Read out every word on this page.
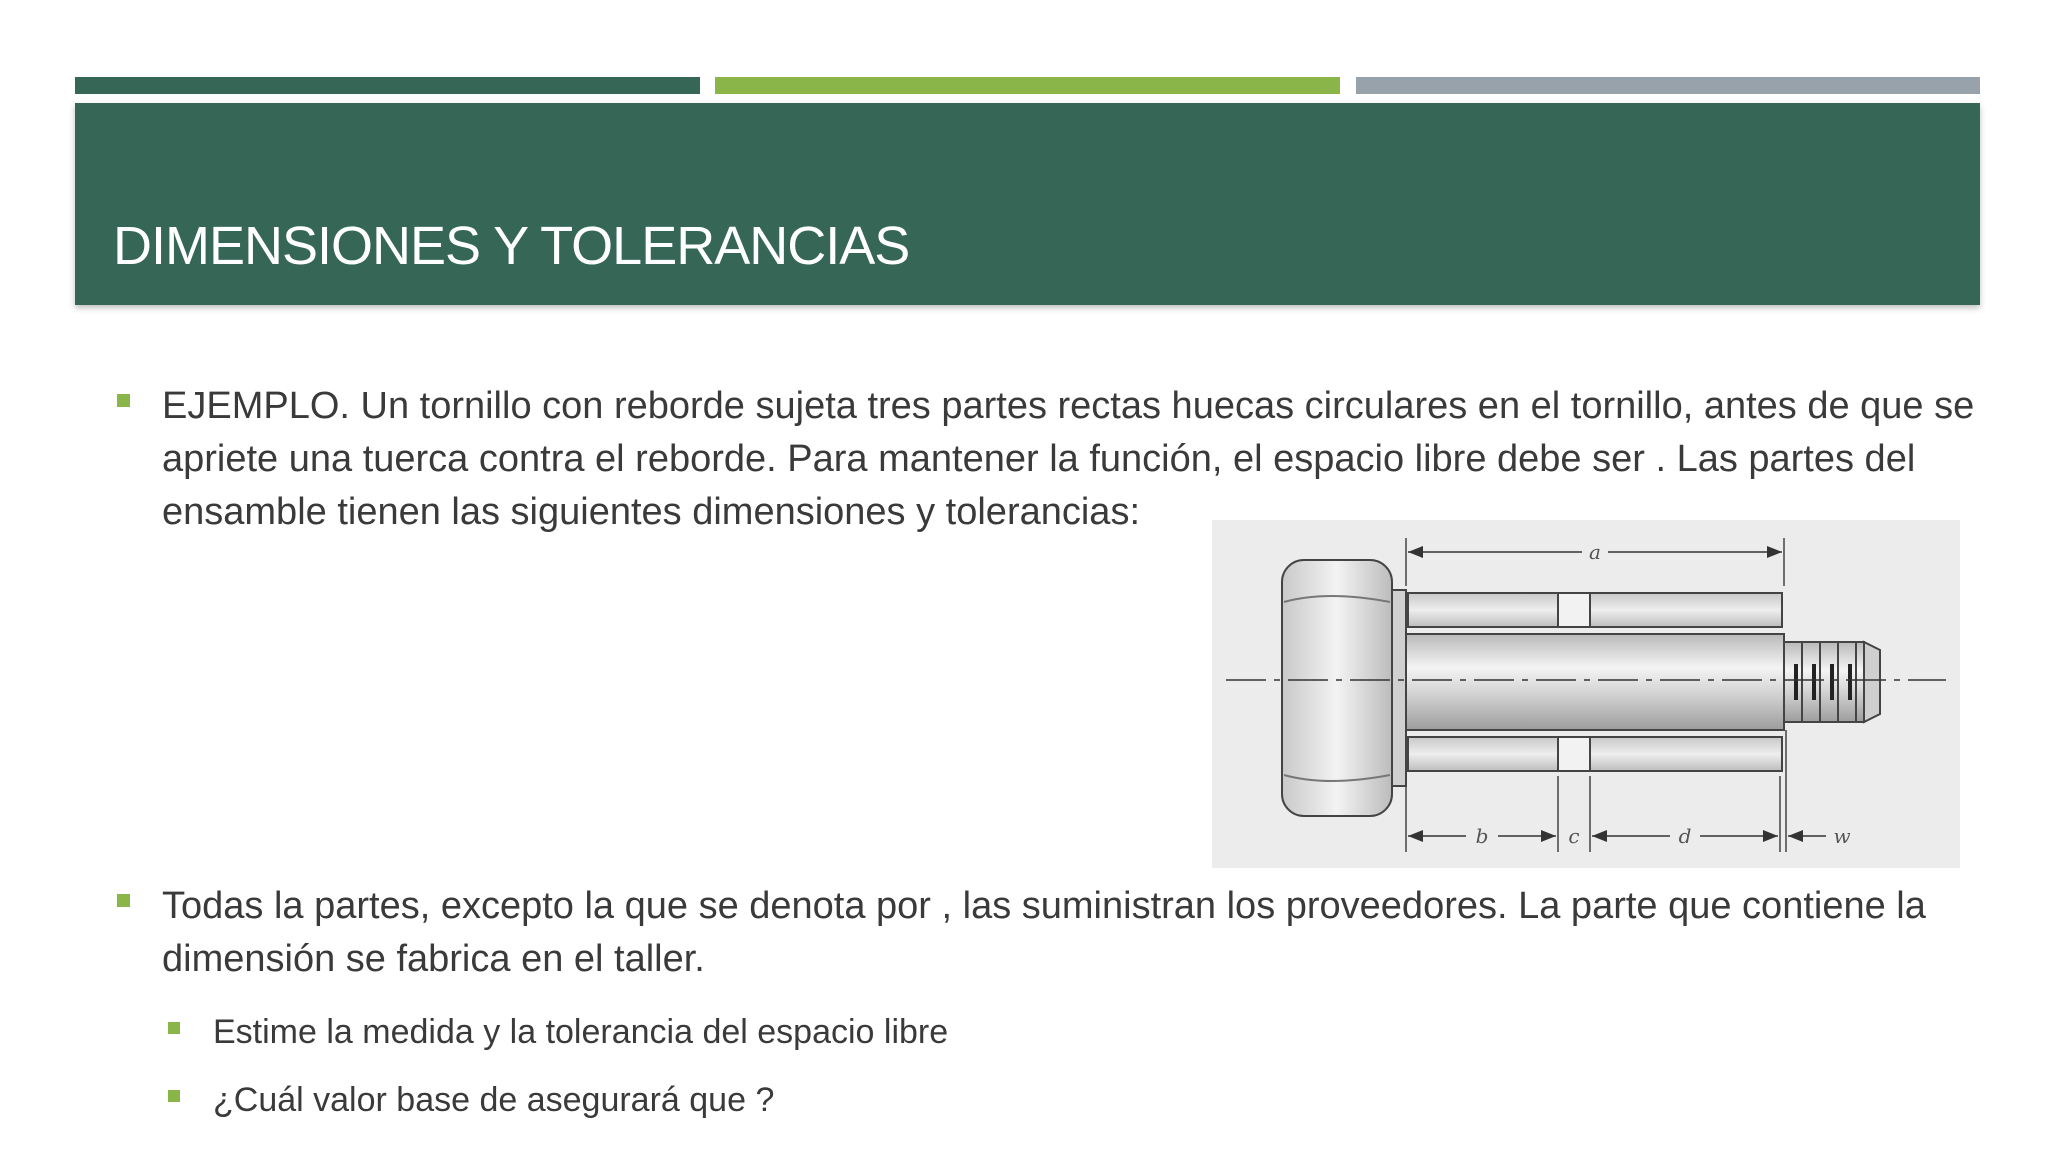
DIMENSIONES Y TOLERANCIAS
EJEMPLO. Un tornillo con reborde sujeta tres partes rectas huecas circulares en el tornillo, antes de que se apriete una tuerca contra el reborde. Para mantener la función, el espacio libre debe ser . Las partes del ensamble tienen las siguientes dimensiones y tolerancias:
a
b	c	d	w
Todas la partes, excepto la que se denota por , las suministran los proveedores. La parte que contiene la dimensión se fabrica en el taller.
Estime la medida y la tolerancia del espacio libre
¿Cuál valor base de asegurará que ?
